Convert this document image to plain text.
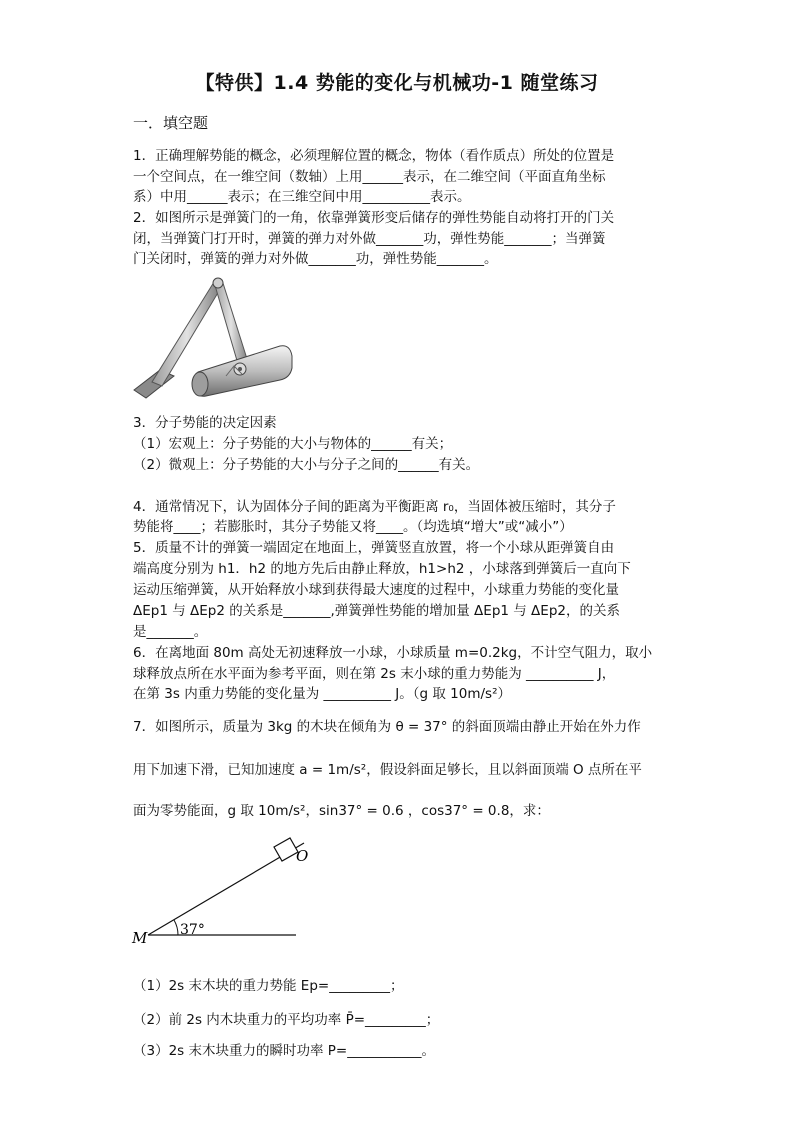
【特供】1.4 势能的变化与机械功-1 随堂练习
一．填空题
1．正确理解势能的概念，必须理解位置的概念，物体（看作质点）所处的位置是
一个空间点，在一维空间（数轴）上用______表示，在二维空间（平面直角坐标
系）中用______表示；在三维空间中用__________表示。
2．如图所示是弹簧门的一角，依靠弹簧形变后储存的弹性势能自动将打开的门关
闭，当弹簧门打开时，弹簧的弹力对外做_______功，弹性势能_______；当弹簧
门关闭时，弹簧的弹力对外做_______功，弹性势能_______。
3．分子势能的决定因素
（1）宏观上：分子势能的大小与物体的______有关；
（2）微观上：分子势能的大小与分子之间的______有关。
4．通常情况下，认为固体分子间的距离为平衡距离 r₀，当固体被压缩时，其分子
势能将____；若膨胀时，其分子势能又将____。（均选填“增大”或“减小”）
5．质量不计的弹簧一端固定在地面上，弹簧竖直放置，将一个小球从距弹簧自由
端高度分别为 h1．h2 的地方先后由静止释放，h1>h2 ，小球落到弹簧后一直向下
运动压缩弹簧，从开始释放小球到获得最大速度的过程中，小球重力势能的变化量
ΔEp1 与 ΔEp2 的关系是_______,弹簧弹性势能的增加量 ΔEp1 与 ΔEp2，的关系
是_______。
6．在离地面 80m 高处无初速释放一小球，小球质量 m=0.2kg，不计空气阻力，取小
球释放点所在水平面为参考平面，则在第 2s 末小球的重力势能为 __________ J，
在第 3s 内重力势能的变化量为 __________ J。（g 取 10m/s²）
7．如图所示，质量为 3kg 的木块在倾角为 θ = 37° 的斜面顶端由静止开始在外力作
用下加速下滑，已知加速度 a = 1m/s²，假设斜面足够长，且以斜面顶端 O 点所在平
面为零势能面，g 取 10m/s²，sin37° = 0.6 ，cos37° = 0.8，求：
O
M 37°
（1）2s 末木块的重力势能 Ep=_________；
（2）前 2s 内木块重力的平均功率 P̄=_________；
（3）2s 末木块重力的瞬时功率 P=___________。
